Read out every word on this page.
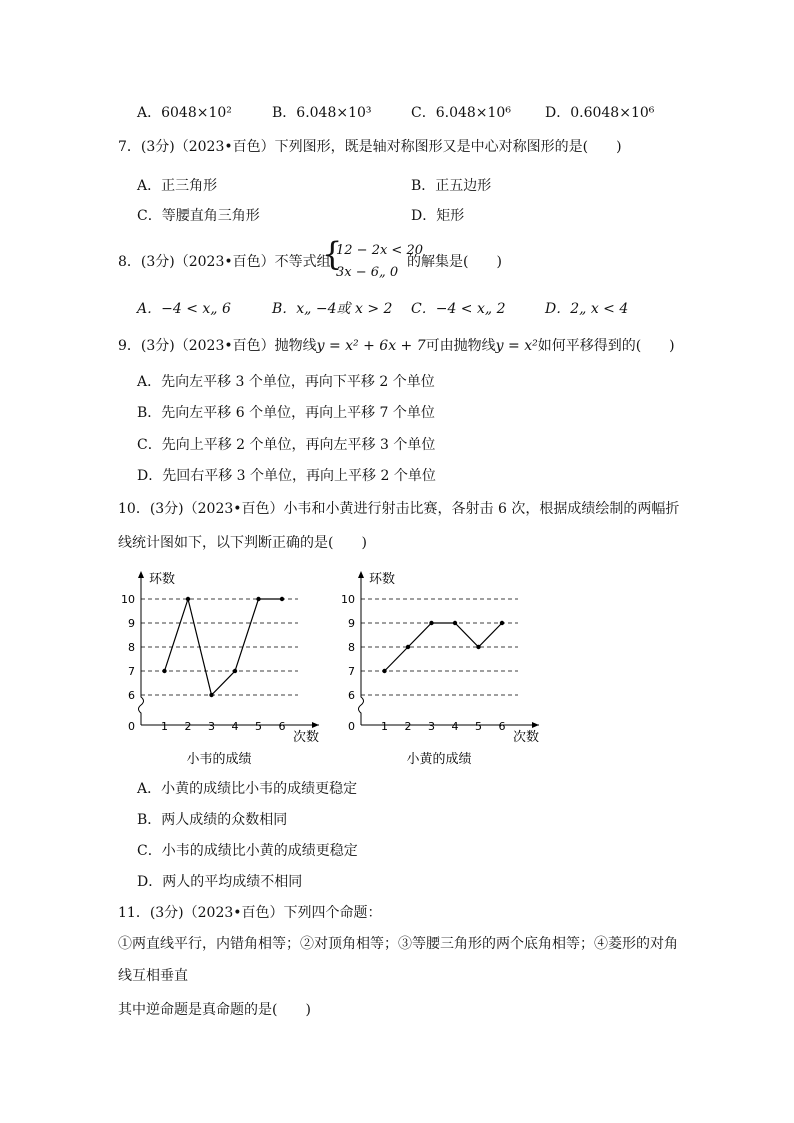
A．6048×10²	B．6.048×10³	C．6.048×10⁶ D．0.6048×10⁶
7．(3分)（2023•百色）下列图形，既是轴对称图形又是中心对称图形的是(　　)
A．正三角形	B．正五边形
C．等腰直角三角形	D．矩形
8．(3分)（2023•百色）不等式组
{
12 − 2x < 20
3x − 6„ 0
的解集是(　　)
A．−4 < x„ 6	B．x„ −4或 x > 2 C．−4 < x„ 2	D．2„ x < 4
9．(3分)（2023•百色）抛物线y = x² + 6x + 7可由抛物线y = x²如何平移得到的(　　)
A．先向左平移 3 个单位，再向下平移 2 个单位
B．先向左平移 6 个单位，再向上平移 7 个单位
C．先向上平移 2 个单位，再向左平移 3 个单位
D．先回右平移 3 个单位，再向上平移 2 个单位
10．(3分)（2023•百色）小韦和小黄进行射击比赛，各射击 6 次，根据成绩绘制的两幅折
线统计图如下，以下判断正确的是(　　)
环数
次数
0
6
7
8
9
10
1 2 3 4 5 6
小韦的成绩
环数
次数
0
6
7
8
9
10
1 2 3 4 5 6
小黄的成绩
A．小黄的成绩比小韦的成绩更稳定
B．两人成绩的众数相同
C．小韦的成绩比小黄的成绩更稳定
D．两人的平均成绩不相同
11．(3分)（2023•百色）下列四个命题：
①两直线平行，内错角相等；②对顶角相等；③等腰三角形的两个底角相等；④菱形的对角
线互相垂直
其中逆命题是真命题的是(　　)
